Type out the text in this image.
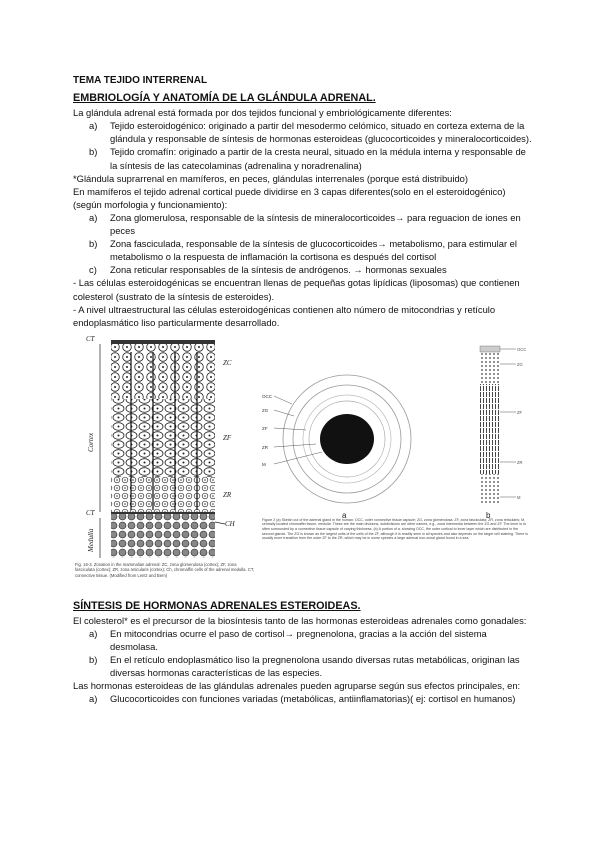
TEMA TEJIDO INTERRENAL
EMBRIOLOGÍA Y ANATOMÍA DE LA GLÁNDULA ADRENAL.

La glándula adrenal está formada por dos tejidos funcional y embriológicamente diferentes:

a) Tejido esteroidogénico: originado a partir del mesodermo celómico, situado en corteza externa de la glándula y responsable de síntesis de hormonas esteroideas (glucocorticoides y mineralocorticoides).
b) Tejido cromafín: originado a partir de la cresta neural, situado en la médula interna y responsable de la síntesis de las catecolaminas (adrenalina y noradrenalina)

*Glándula suprarrenal en mamíferos, en peces, glándulas interrenales (porque está distribuido)

En mamíferos el tejido adrenal cortical puede dividirse en 3 capas diferentes(solo en el esteroidogénico) (según morfologia y funcionamiento):

a) Zona glomerulosa, responsable de la síntesis de mineralocorticoides→ para reguacion de iones en peces
b) Zona fasciculada, responsable de la síntesis de glucocorticoides→ metabolismo, para estimular el metabolismo o la respuesta de inflamación la cortisona es después del cortisol
c) Zona reticular responsables de la síntesis de andrógenos. → hormonas sexuales

- Las células esteroidogénicas se encuentran llenas de pequeñas gotas lipídicas (liposomas) que contienen colesterol (sustrato de la síntesis de esteroides).

- A nivel ultraestructural las células esteroidogénicas contienen alto número de mitocondrias y retículo endoplasmático liso particularmente desarrollado.

CT
ZC
ZF
ZR
CT
CH
Cortex
Medulla
Fig. 16-3. Zonation in the mammalian adrenal: ZC, zona glomerulosa (cortex); ZF, zona fasciculata (cortex); ZR, zona reticularis (cortex); Ch, chromaffin cells of the adrenal medulla. CT, connective tissue. (Modified from Lentz and Bern)
OCC
ZG
ZF
ZR
M
OCC
ZG
ZF
ZR
M
a	b
Figure 2 (a) Sketch cut of the adrenal gland in the human: OCC, outer connective tissue capsule; ZG, zona glomerulosa; ZF, zona fasciculata; ZR, zona reticularis; M, centrally located chromaffin tissue, medulla. These are the main divisions, subdivisions are other named, e.g., zona intermedia between the ZG and ZF. The inner is to often surrounded by a connective tissue capsule of varying thickness. (b) A portion of a, showing OCC, the outer cortical to inner layer which are distributed in the second glands. The ZG is known as the largest units of the cells of the ZF, although it is readily seen in all species and also depends on the target cell staining. There is usually more transition from the outer ZF to the ZR, which may be in some species a large adrenal non-zonal gland found in a sea.
SÍNTESIS DE HORMONAS ADRENALES ESTEROIDEAS.

El colesterol* es el precursor de la biosíntesis tanto de las hormonas esteroideas adrenales como gonadales:

a) En mitocondrias ocurre el paso de cortisol→ pregnenolona, gracias a la acción del sistema desmolasa.
b) En el retículo endoplasmático liso la pregnenolona usando diversas rutas metabólicas, originan las diversas hormonas características de las especies.

Las hormonas esteroideas de las glándulas adrenales pueden agruparse según sus efectos principales, en:

a) Glucocorticoides con funciones variadas (metabólicas, antiinflamatorias)( ej: cortisol en humanos)
